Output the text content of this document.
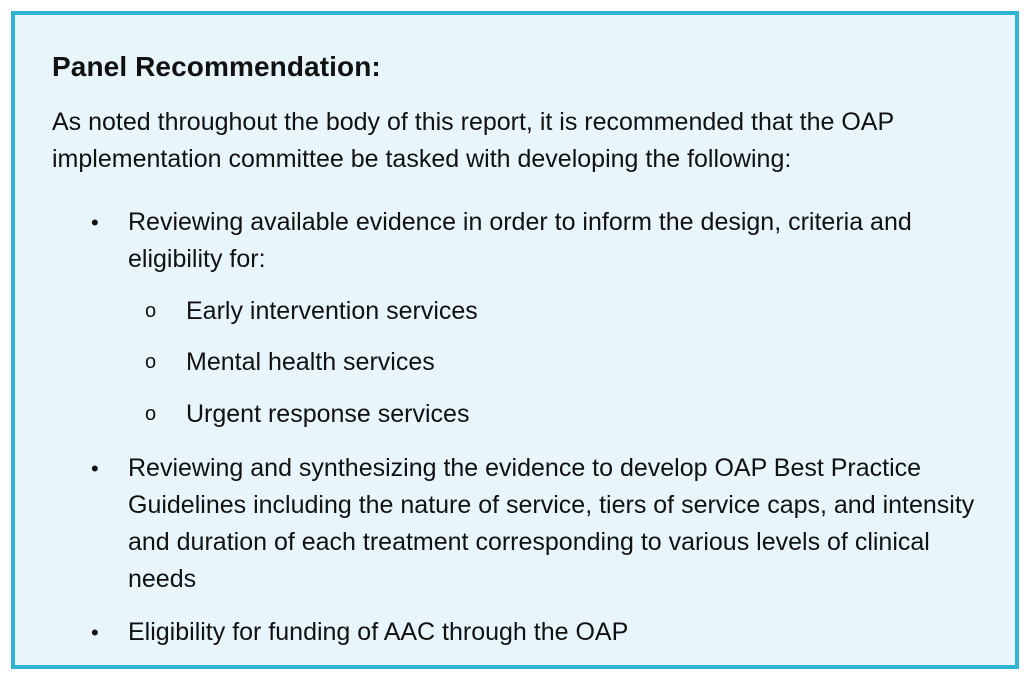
Panel Recommendation:

As noted throughout the body of this report, it is recommended that the OAP implementation committee be tasked with developing the following:

• Reviewing available evidence in order to inform the design, criteria and eligibility for:
o Early intervention services
o Mental health services
o Urgent response services
• Reviewing and synthesizing the evidence to develop OAP Best Practice Guidelines including the nature of service, tiers of service caps, and intensity and duration of each treatment corresponding to various levels of clinical needs
• Eligibility for funding of AAC through the OAP
